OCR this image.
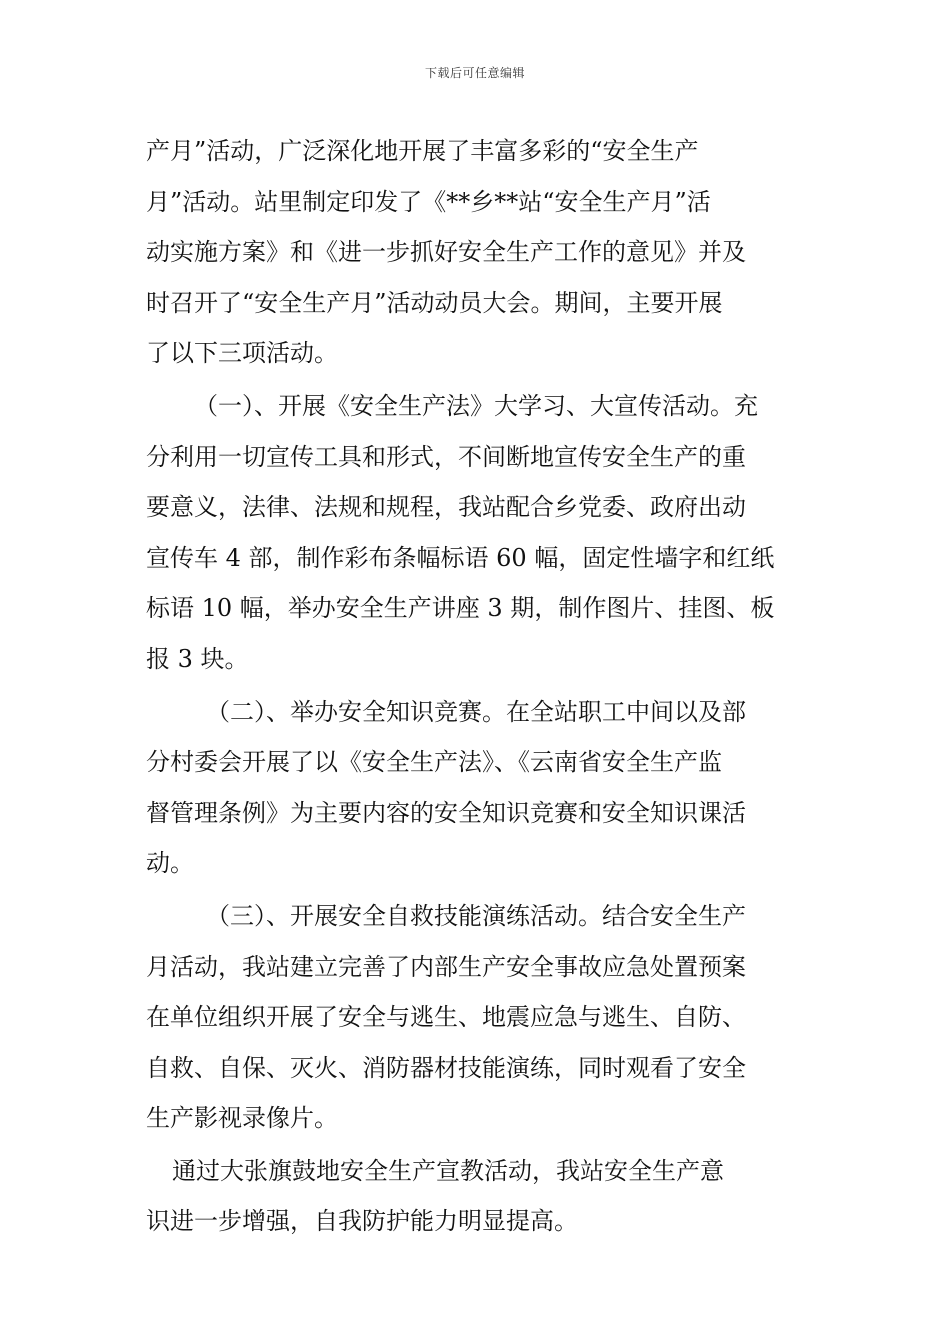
下载后可任意编辑
产月”活动，广泛深化地开展了丰富多彩的“安全生产
月”活动。站里制定印发了《**乡**站“安全生产月”活
动实施方案》和《进一步抓好安全生产工作的意见》并及
时召开了“安全生产月”活动动员大会。期间，主要开展
了以下三项活动。
（一）、开展《安全生产法》大学习、大宣传活动。充
分利用一切宣传工具和形式，不间断地宣传安全生产的重
要意义，法律、法规和规程，我站配合乡党委、政府出动
宣传车 4 部，制作彩布条幅标语 60 幅，固定性墙字和红纸
标语 10 幅，举办安全生产讲座 3 期，制作图片、挂图、板
报 3 块。
（二）、举办安全知识竞赛。在全站职工中间以及部
分村委会开展了以《安全生产法》、《云南省安全生产监
督管理条例》为主要内容的安全知识竞赛和安全知识课活
动。
（三）、开展安全自救技能演练活动。结合安全生产
月活动，我站建立完善了内部生产安全事故应急处置预案
在单位组织开展了安全与逃生、地震应急与逃生、自防、
自救、自保、灭火、消防器材技能演练，同时观看了安全
生产影视录像片。
通过大张旗鼓地安全生产宣教活动，我站安全生产意
识进一步增强，自我防护能力明显提高。
